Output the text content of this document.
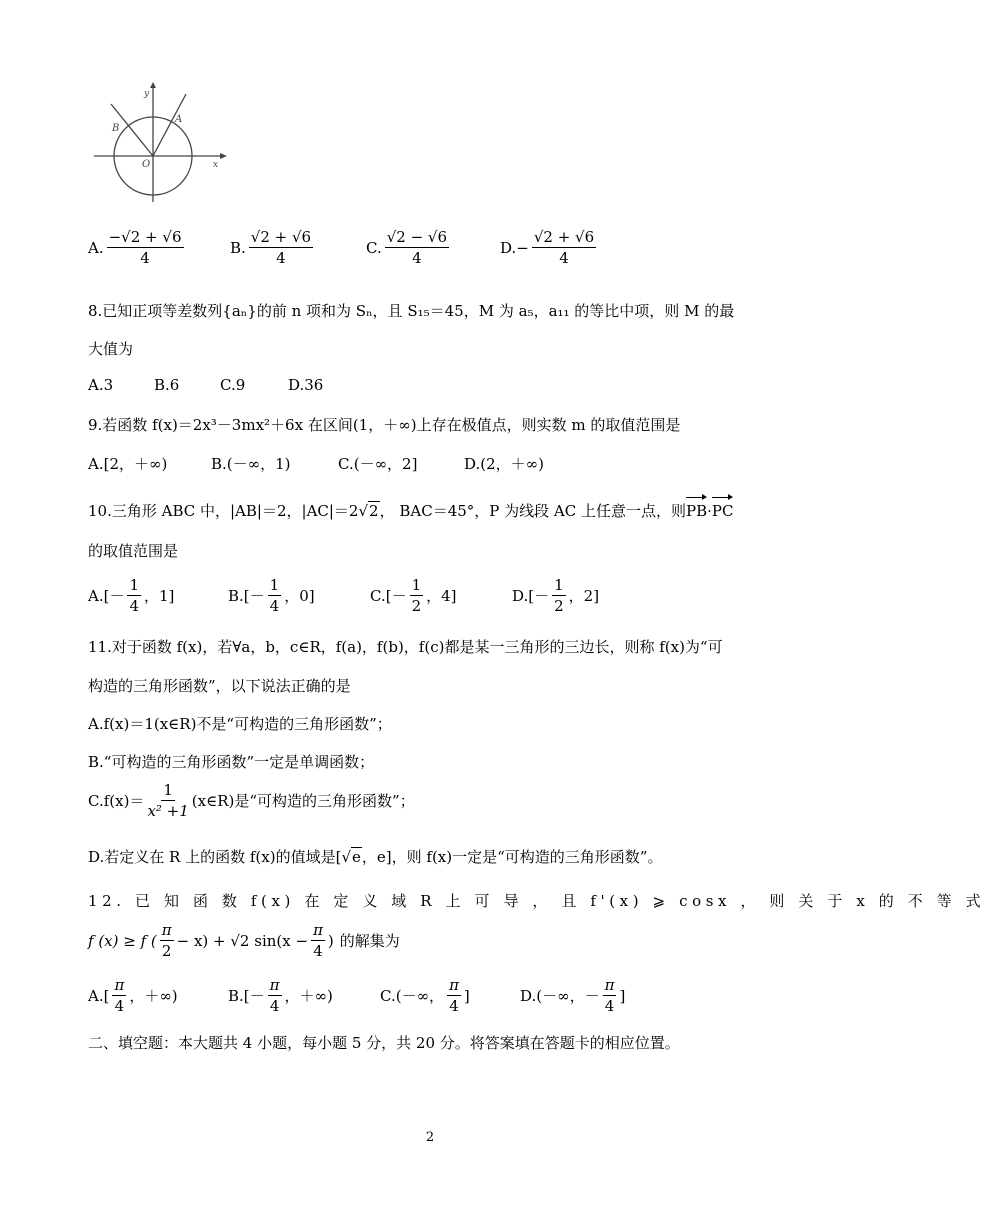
y
x
O
A
B
A. $\frac{-√2 + √6}{4}$	B. $\frac{√2 + √6}{4}$	C. $\frac{√2 - √6}{4}$	D. − $\frac{√2 + √6}{4}$
8.已知正项等差数列{aₙ}的前 n 项和为 Sₙ，且 S₁₅＝45，M 为 a₅，a₁₁ 的等比中项，则 M 的最
大值为
A.3	B.6	C.9	D.36
9.若函数 f(x)＝2x³－3mx²＋6x 在区间(1，＋∞)上存在极值点，则实数 m 的取值范围是
A.[2，＋∞)	B.(－∞，1)	C.(－∞，2]	D.(2，＋∞)
10.三角形 ABC 中，|AB|＝2，|AC|＝2√2， BAC＝45°，P 为线段 AC 上任意一点，则PB·PC
的取值范围是
$A.[- \frac{1}{4}$ ，1]	$B.[- \frac{1}{4}$ ，0]	$C.[- \frac{1}{2}$ ，4]	$D.[- \frac{1}{2}$ ，2]
11.对于函数 f(x)，若∀a，b，c∈R，f(a)，f(b)，f(c)都是某一三角形的三边长，则称 f(x)为“可
构造的三角形函数”，以下说法正确的是
A.f(x)＝1(x∈R)不是“可构造的三角形函数”；
B.“可构造的三角形函数”一定是单调函数；
$C.f(x)= \frac{1}{\text{x² +1}}$ (x∈R)是“可构造的三角形函数”；
D.若定义在 R 上的函数 f(x)的值域是[√e，e]，则 f(x)一定是“可构造的三角形函数”。
12. 已 知 函 数 f(x) 在 定 义 域 R 上 可 导 ， 且 f'(x) ⩾ cosx ， 则 关 于 x 的 不 等 式
f (x) ≥ f ( $\frac{\pi}{2} - x) + √2$ $\sin(x - \frac{\pi}{4}$ ) 的解集为
$A.[ \frac{\pi}{4}$ ，＋∞)	$B.[- \frac{\pi}{4}$ ，＋∞)	C.(－∞， $\frac{\pi}{4}$ ]	D.(－∞，－ $\frac{\pi}{4}$ ]
二、填空题：本大题共 4 小题，每小题 5 分，共 20 分。将答案填在答题卡的相应位置。
2
